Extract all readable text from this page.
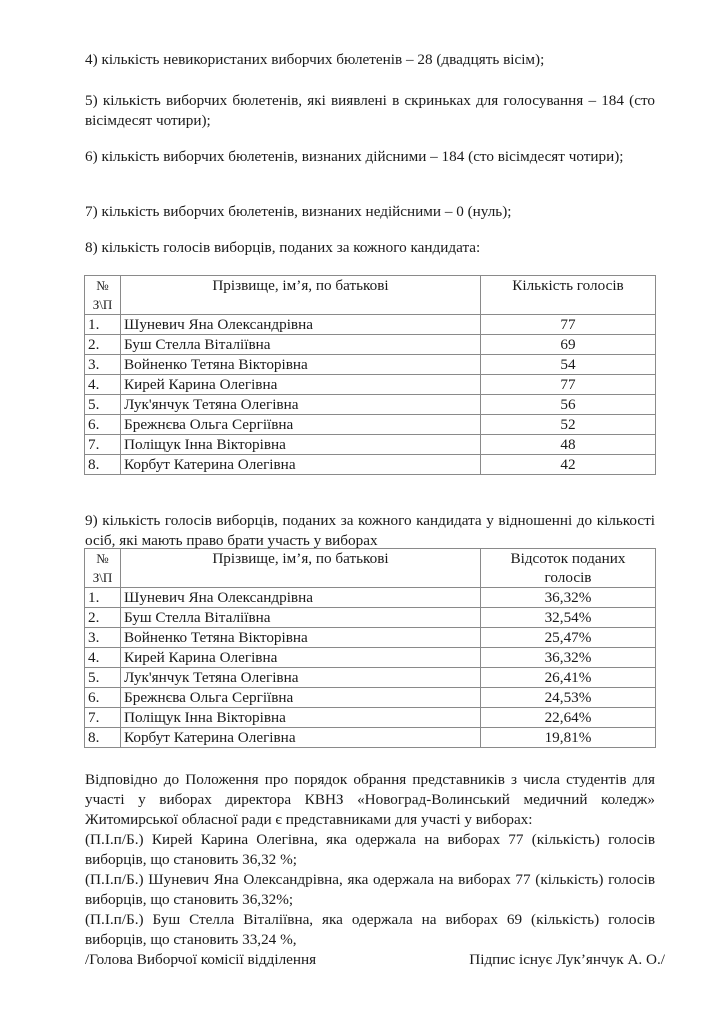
4) кількість невикористаних виборчих бюлетенів – 28 (двадцять вісім);

5) кількість виборчих бюлетенів, які виявлені в скриньках для голосування – 184 (сто вісімдесят чотири);

6) кількість виборчих бюлетенів, визнаних дійсними – 184 (сто вісімдесят чотири);

7) кількість виборчих бюлетенів, визнаних недійсними – 0 (нуль);

8) кількість голосів виборців, поданих за кожного кандидата:

№
З\П	Прізвище, ім’я, по батькові	Кількість голосів
1.	Шуневич Яна Олександрівна	77
2.	Буш Стелла Віталіївна	69
3.	Войненко Тетяна Вікторівна	54
4.	Кирей Карина Олегівна	77
5.	Лук'янчук Тетяна Олегівна	56
6.	Брежнєва Ольга Сергіївна	52
7.	Поліщук Інна Вікторівна	48
8.	Корбут Катерина Олегівна	42

9) кількість голосів виборців, поданих за кожного кандидата у відношенні до кількості осіб, які мають право брати участь у виборах

№
З\П	Прізвище, ім’я, по батькові	Відсоток поданих
голосів
1.	Шуневич Яна Олександрівна	36,32%
2.	Буш Стелла Віталіївна	32,54%
3.	Войненко Тетяна Вікторівна	25,47%
4.	Кирей Карина Олегівна	36,32%
5.	Лук'янчук Тетяна Олегівна	26,41%
6.	Брежнєва Ольга Сергіївна	24,53%
7.	Поліщук Інна Вікторівна	22,64%
8.	Корбут Катерина Олегівна	19,81%
Відповідно до Положення про порядок обрання представників з числа студентів для участі у виборах директора КВНЗ «Новоград-Волинський медичний коледж» Житомирської обласної ради є представниками для участі у виборах:
(П.І.п/Б.) Кирей Карина Олегівна, яка одержала на виборах 77 (кількість) голосів виборців, що становить 36,32 %;
(П.І.п/Б.) Шуневич Яна Олександрівна, яка одержала на виборах 77 (кількість) голосів виборців, що становить 36,32%;
(П.І.п/Б.) Буш Стелла Віталіївна, яка одержала на виборах 69 (кількість) голосів виборців, що становить 33,24 %,
/Голова Виборчої комісії відділення	Підпис існує Лук’янчук А. О./
